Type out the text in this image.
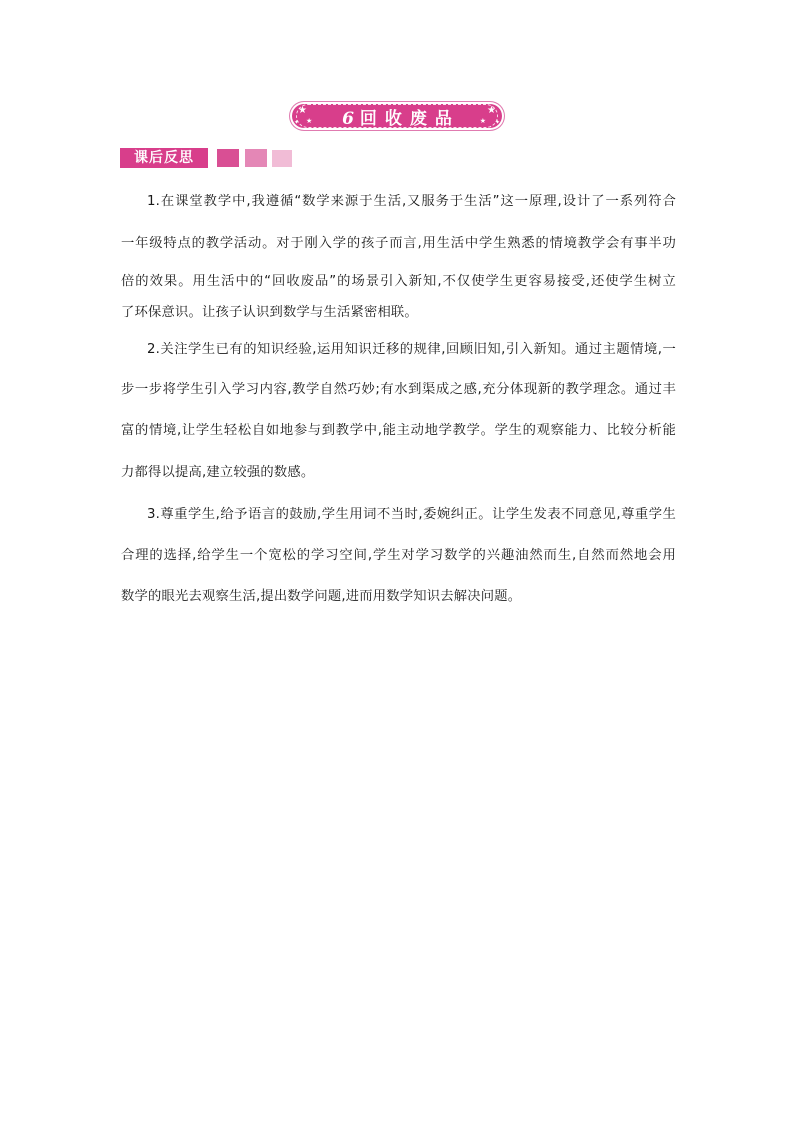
★
★
✦
★
★ ✦
6回收废品
课后反思
1.在课堂教学中,我遵循“数学来源于生活,又服务于生活”这一原理,设计了一系列符合
一年级特点的教学活动。对于刚入学的孩子而言,用生活中学生熟悉的情境教学会有事半功
倍的效果。用生活中的“回收废品”的场景引入新知,不仅使学生更容易接受,还使学生树立
了环保意识。让孩子认识到数学与生活紧密相联。
2.关注学生已有的知识经验,运用知识迁移的规律,回顾旧知,引入新知。通过主题情境,一
步一步将学生引入学习内容,教学自然巧妙;有水到渠成之感,充分体现新的教学理念。通过丰
富的情境,让学生轻松自如地参与到教学中,能主动地学教学。学生的观察能力、比较分析能
力都得以提高,建立较强的数感。
3.尊重学生,给予语言的鼓励,学生用词不当时,委婉纠正。让学生发表不同意见,尊重学生
合理的选择,给学生一个宽松的学习空间,学生对学习数学的兴趣油然而生,自然而然地会用
数学的眼光去观察生活,提出数学问题,进而用数学知识去解决问题。
